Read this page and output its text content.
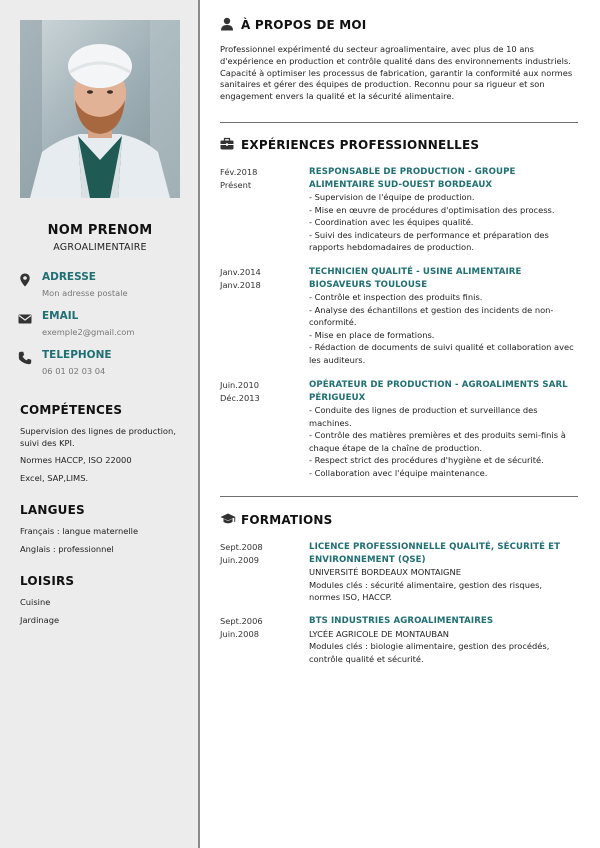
NOM PRENOM
AGROALIMENTAIRE
ADRESSE
Mon adresse postale
EMAIL
exemple2@gmail.com
TELEPHONE
06 01 02 03 04
COMPÉTENCES
Supervision des lignes de production, suivi des KPI.
Normes HACCP, ISO 22000
Excel, SAP,LIMS.
LANGUES
Français : langue maternelle
Anglais : professionnel
LOISIRS
Cuisine
Jardinage
À PROPOS DE MOI
Professionnel expérimenté du secteur agroalimentaire, avec plus de 10 ans d'expérience en production et contrôle qualité dans des environnements industriels. Capacité à optimiser les processus de fabrication, garantir la conformité aux normes sanitaires et gérer des équipes de production. Reconnu pour sa rigueur et son engagement envers la qualité et la sécurité alimentaire.
EXPÉRIENCES PROFESSIONNELLES
Fév.2018
Présent
RESPONSABLE DE PRODUCTION - GROUPE ALIMENTAIRE SUD-OUEST BORDEAUX
- Supervision de l'équipe de production.
- Mise en œuvre de procédures d'optimisation des process.
- Coordination avec les équipes qualité.
- Suivi des indicateurs de performance et préparation des rapports hebdomadaires de production.
Janv.2014
Janv.2018
TECHNICIEN QUALITÉ - USINE ALIMENTAIRE BIOSAVEURS TOULOUSE
- Contrôle et inspection des produits finis.
- Analyse des échantillons et gestion des incidents de non-conformité.
- Mise en place de formations.
- Rédaction de documents de suivi qualité et collaboration avec les auditeurs.
Juin.2010
Déc.2013
OPÉRATEUR DE PRODUCTION - AGROALIMENTS SARL PÉRIGUEUX
- Conduite des lignes de production et surveillance des machines.
- Contrôle des matières premières et des produits semi-finis à chaque étape de la chaîne de production.
- Respect strict des procédures d'hygiène et de sécurité.
- Collaboration avec l'équipe maintenance.
FORMATIONS
Sept.2008
Juin.2009
LICENCE PROFESSIONNELLE QUALITÉ, SÉCURITÉ ET ENVIRONNEMENT (QSE)
UNIVERSITÉ BORDEAUX MONTAIGNE
Modules clés : sécurité alimentaire, gestion des risques, normes ISO, HACCP.
Sept.2006
Juin.2008
BTS INDUSTRIES AGROALIMENTAIRES
LYCÉE AGRICOLE DE MONTAUBAN
Modules clés : biologie alimentaire, gestion des procédés, contrôle qualité et sécurité.
